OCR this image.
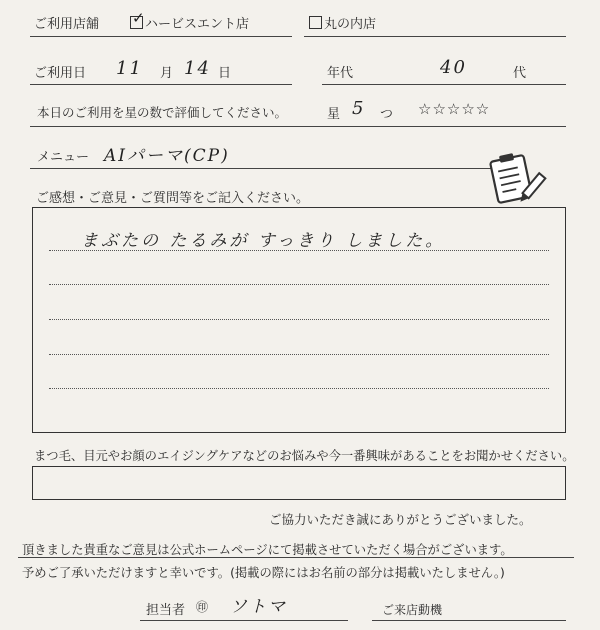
ご利用店舗 ✓ ハービスエント店	丸の内店
ご利用日 11 月 14 日	年代	40	代
本日のご利用を星の数で評価してください。	星 5 つ ☆☆☆☆☆
メニュー AIパーマ(CP)
ご感想・ご意見・ご質問等をご記入ください。
まぶたの たるみが すっきり しました。
まつ毛、目元やお顔のエイジングケアなどのお悩みや今一番興味があることをお聞かせください。
ご協力いただき誠にありがとうございました。
頂きました貴重なご意見は公式ホームページにて掲載させていただく場合がございます。
予めご了承いただけますと幸いです。(掲載の際にはお名前の部分は掲載いたしません。)
担当者 ㊞ ソトマ	ご来店動機
